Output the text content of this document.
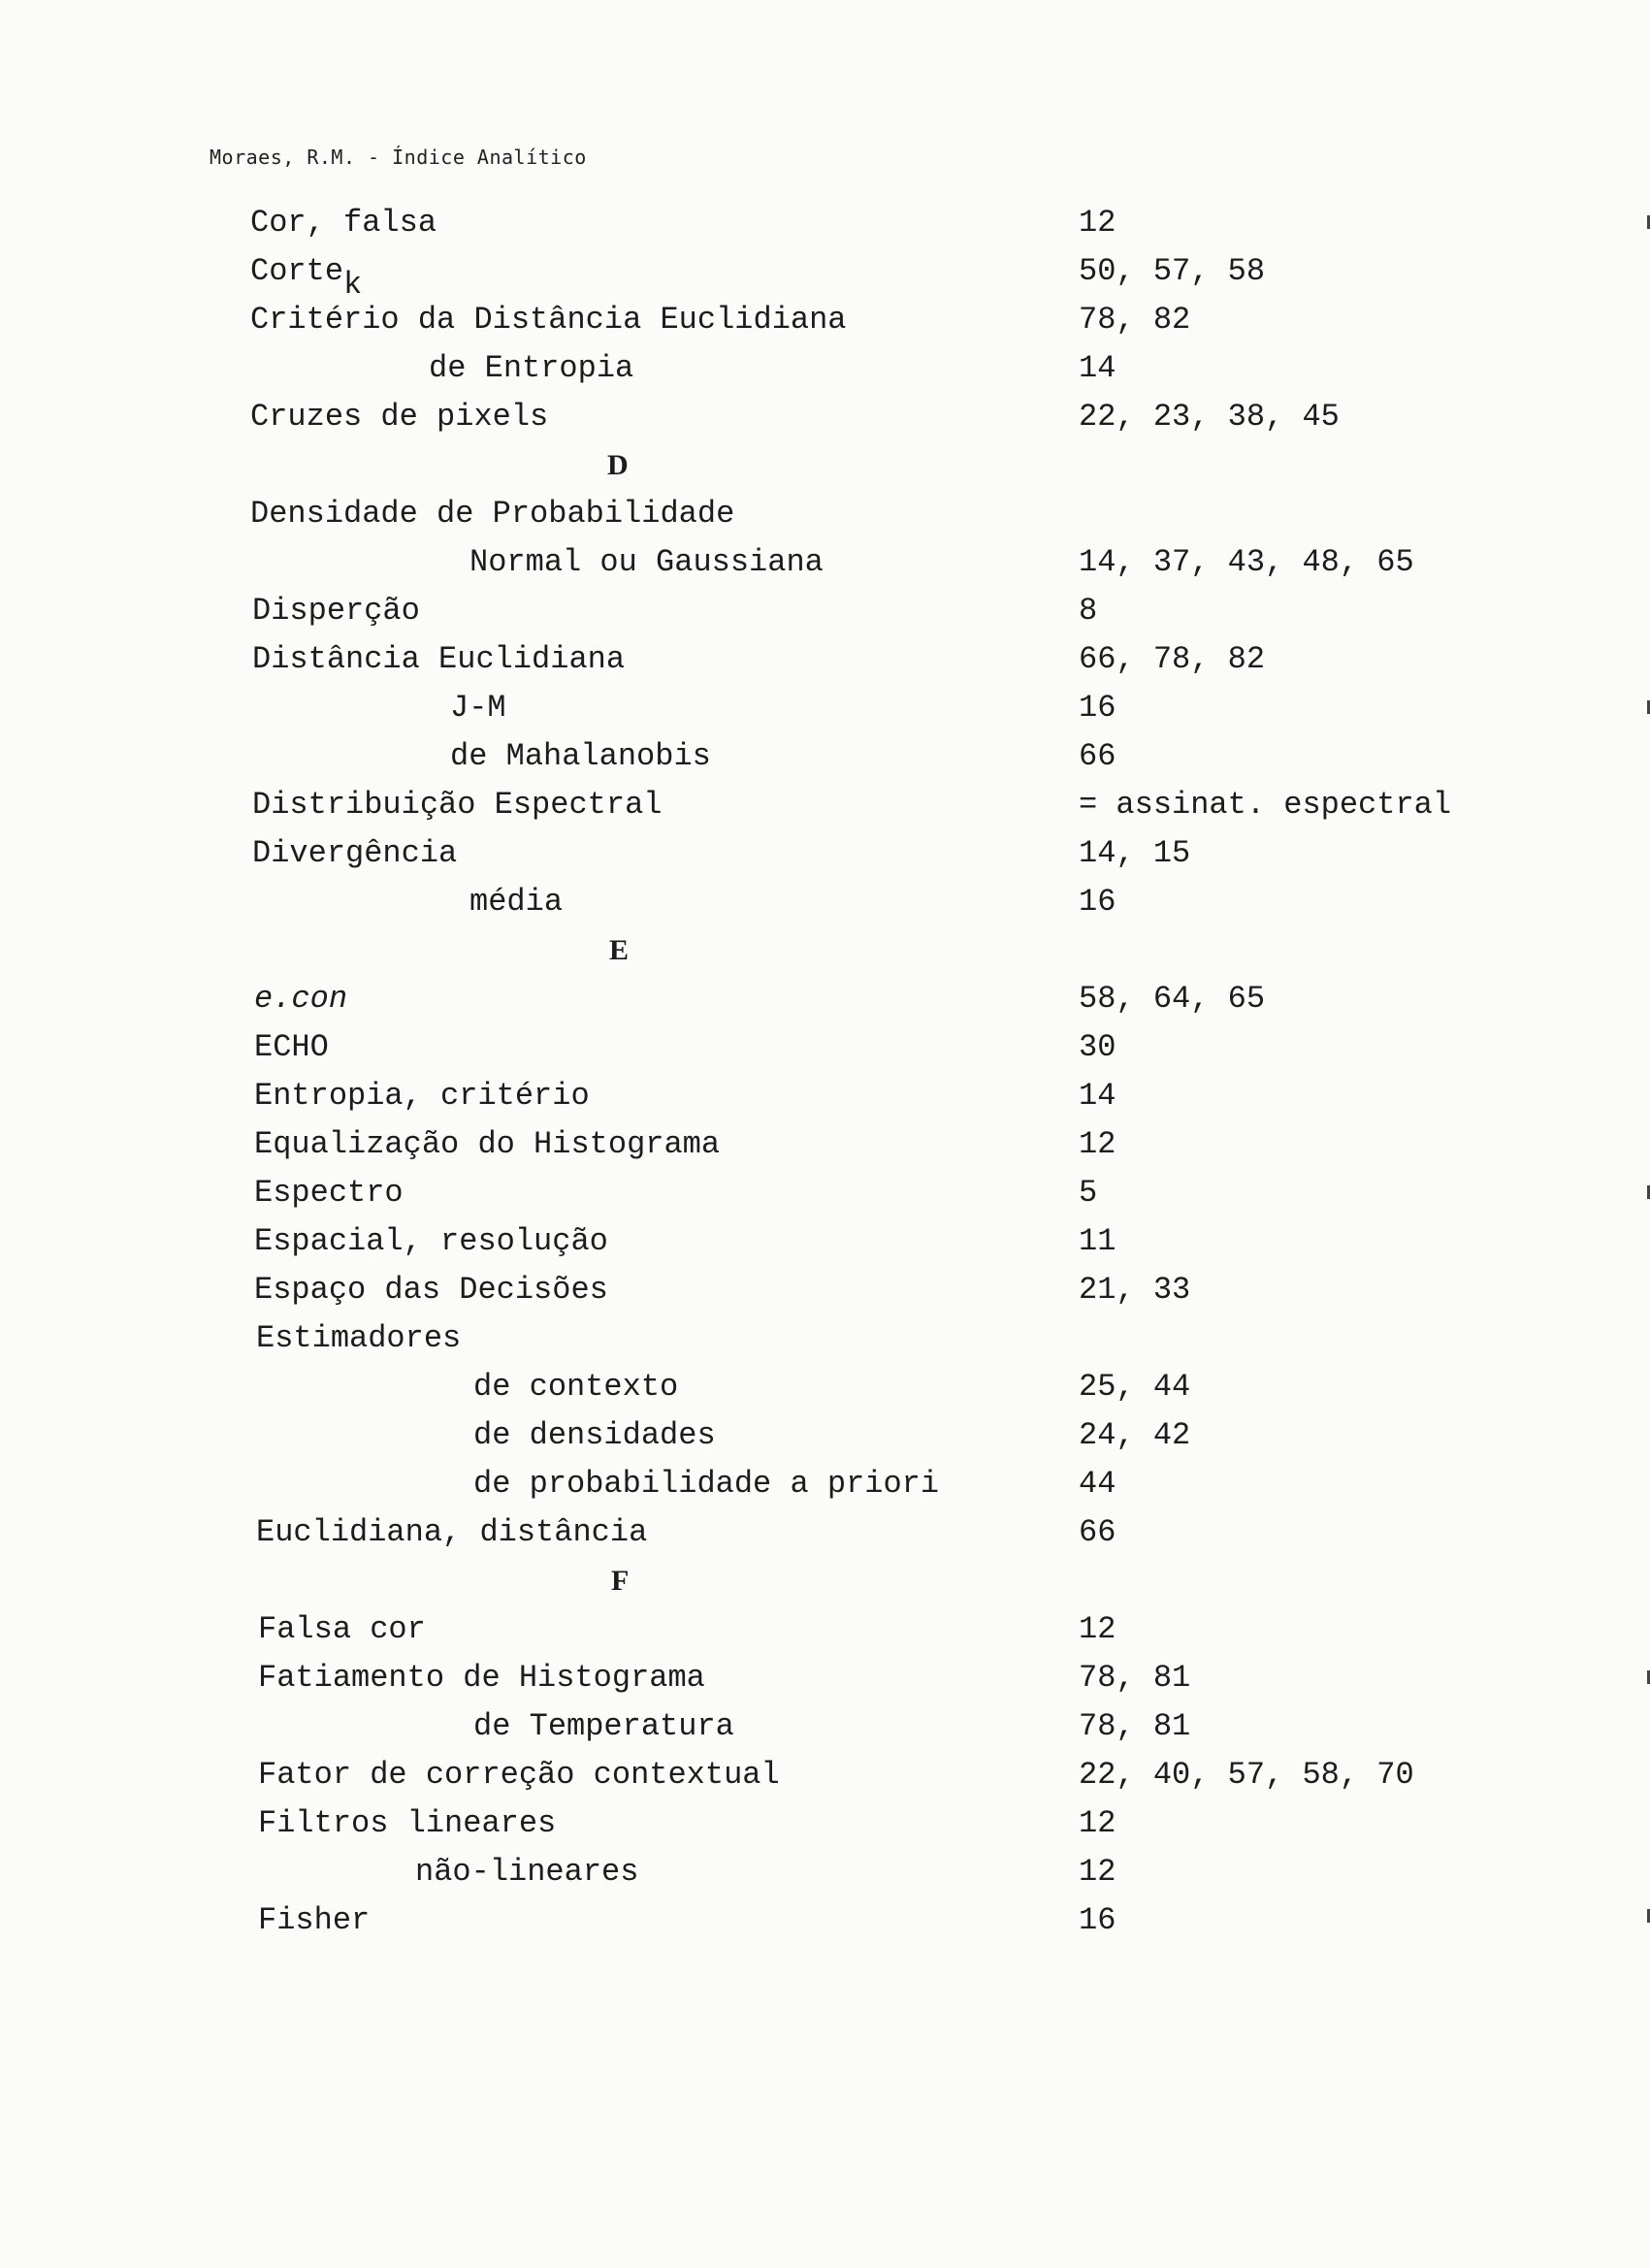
Moraes, R.M. - Índice Analítico
Cor, falsa	12
Corte$_k$	50, 57, 58
Critério da Distância Euclidiana	78, 82
de Entropia	14
Cruzes de pixels	22, 23, 38, 45
D
Densidade de Probabilidade
Normal ou Gaussiana	14, 37, 43, 48, 65
Disperção	8
Distância Euclidiana	66, 78, 82
J-M	16
de Mahalanobis	66
Distribuição Espectral	= assinat. espectral
Divergência	14, 15
média	16
E
e.con	58, 64, 65
ECHO	30
Entropia, critério	14
Equalização do Histograma	12
Espectro	5
Espacial, resolução	11
Espaço das Decisões	21, 33
Estimadores
de contexto	25, 44
de densidades	24, 42
de probabilidade a priori	44
Euclidiana, distância	66
F
Falsa cor	12
Fatiamento de Histograma	78, 81
de Temperatura	78, 81
Fator de correção contextual	22, 40, 57, 58, 70
Filtros lineares	12
não-lineares	12
Fisher	16
